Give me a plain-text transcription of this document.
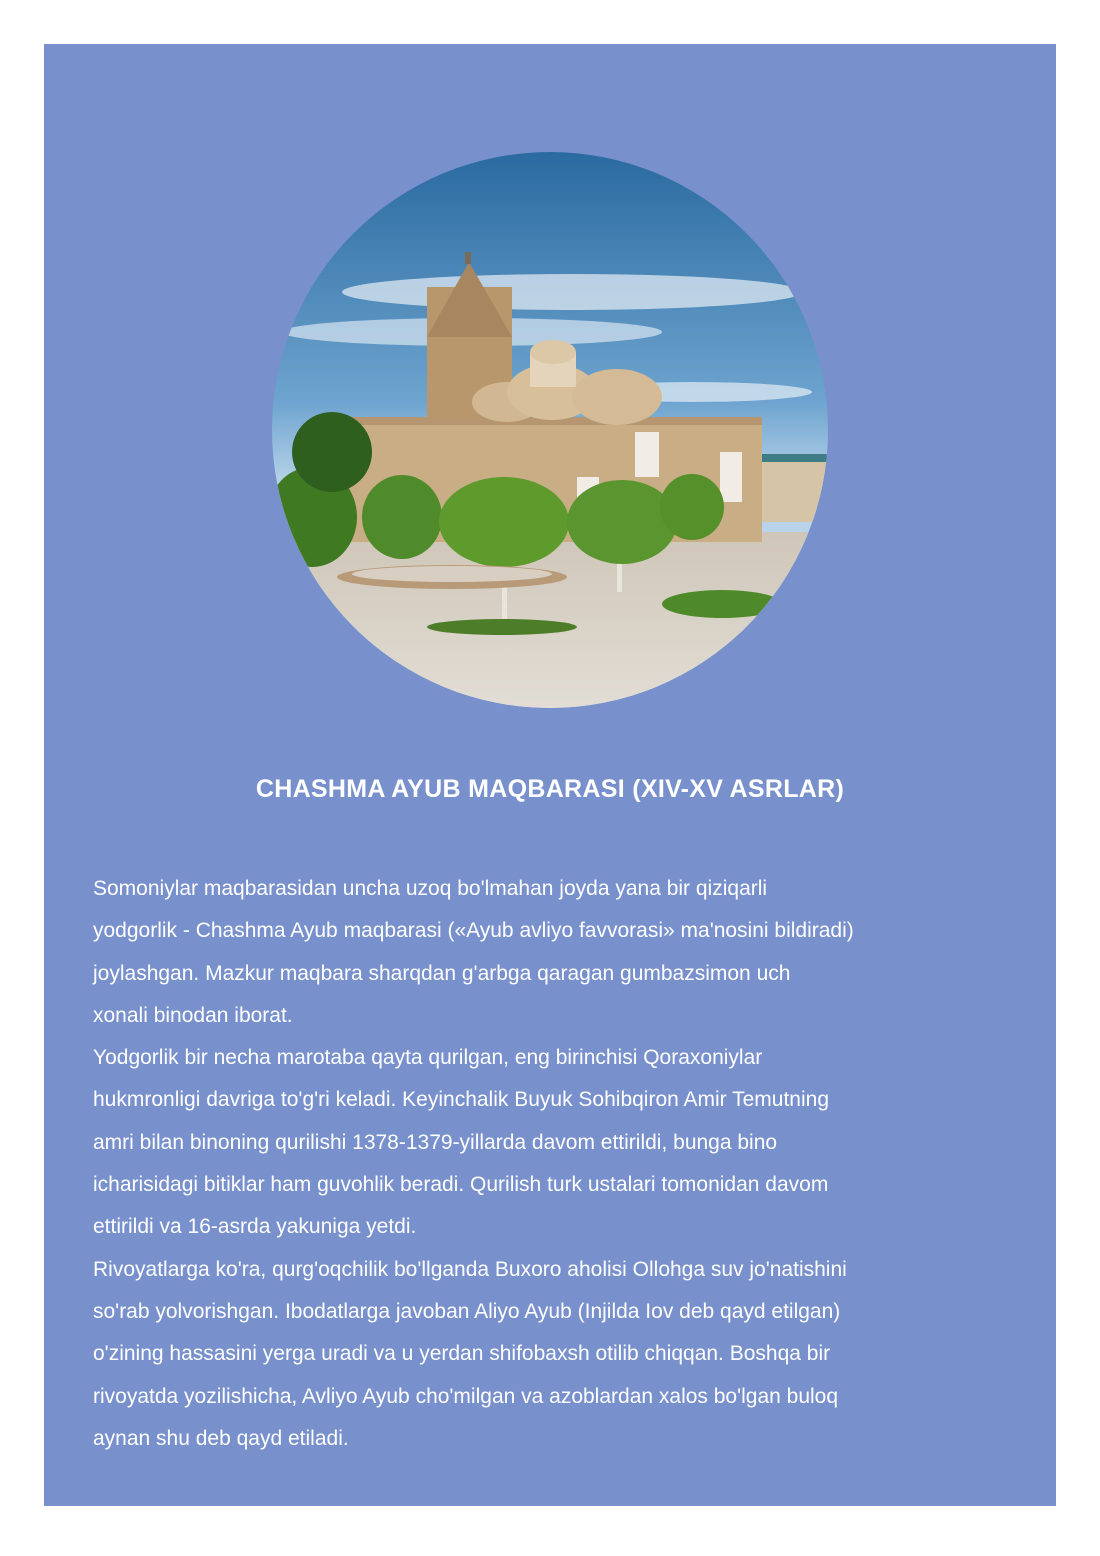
CHASHMA AYUB MAQBARASI (XIV-XV ASRLAR)
Somoniylar maqbarasidan uncha uzoq bo'lmahan joyda yana bir qiziqarli
yodgorlik - Chashma Ayub maqbarasi («Ayub avliyo favvorasi» ma'nosini bildiradi)
joylashgan. Mazkur maqbara sharqdan g'arbga qaragan gumbazsimon uch
xonali binodan iborat.
Yodgorlik bir necha marotaba qayta qurilgan, eng birinchisi Qoraxoniylar
hukmronligi davriga to'g'ri keladi. Keyinchalik Buyuk Sohibqiron Amir Temutning
amri bilan binoning qurilishi 1378-1379-yillarda davom ettirildi, bunga bino
icharisidagi bitiklar ham guvohlik beradi. Qurilish turk ustalari tomonidan davom
ettirildi va 16-asrda yakuniga yetdi.
Rivoyatlarga ko'ra, qurg'oqchilik bo'llganda Buxoro aholisi Ollohga suv jo'natishini
so'rab yolvorishgan. Ibodatlarga javoban Aliyo Ayub (Injilda Iov deb qayd etilgan)
o'zining hassasini yerga uradi va u yerdan shifobaxsh otilib chiqqan. Boshqa bir
rivoyatda yozilishicha, Avliyo Ayub cho'milgan va azoblardan xalos bo'lgan buloq
aynan shu deb qayd etiladi.
